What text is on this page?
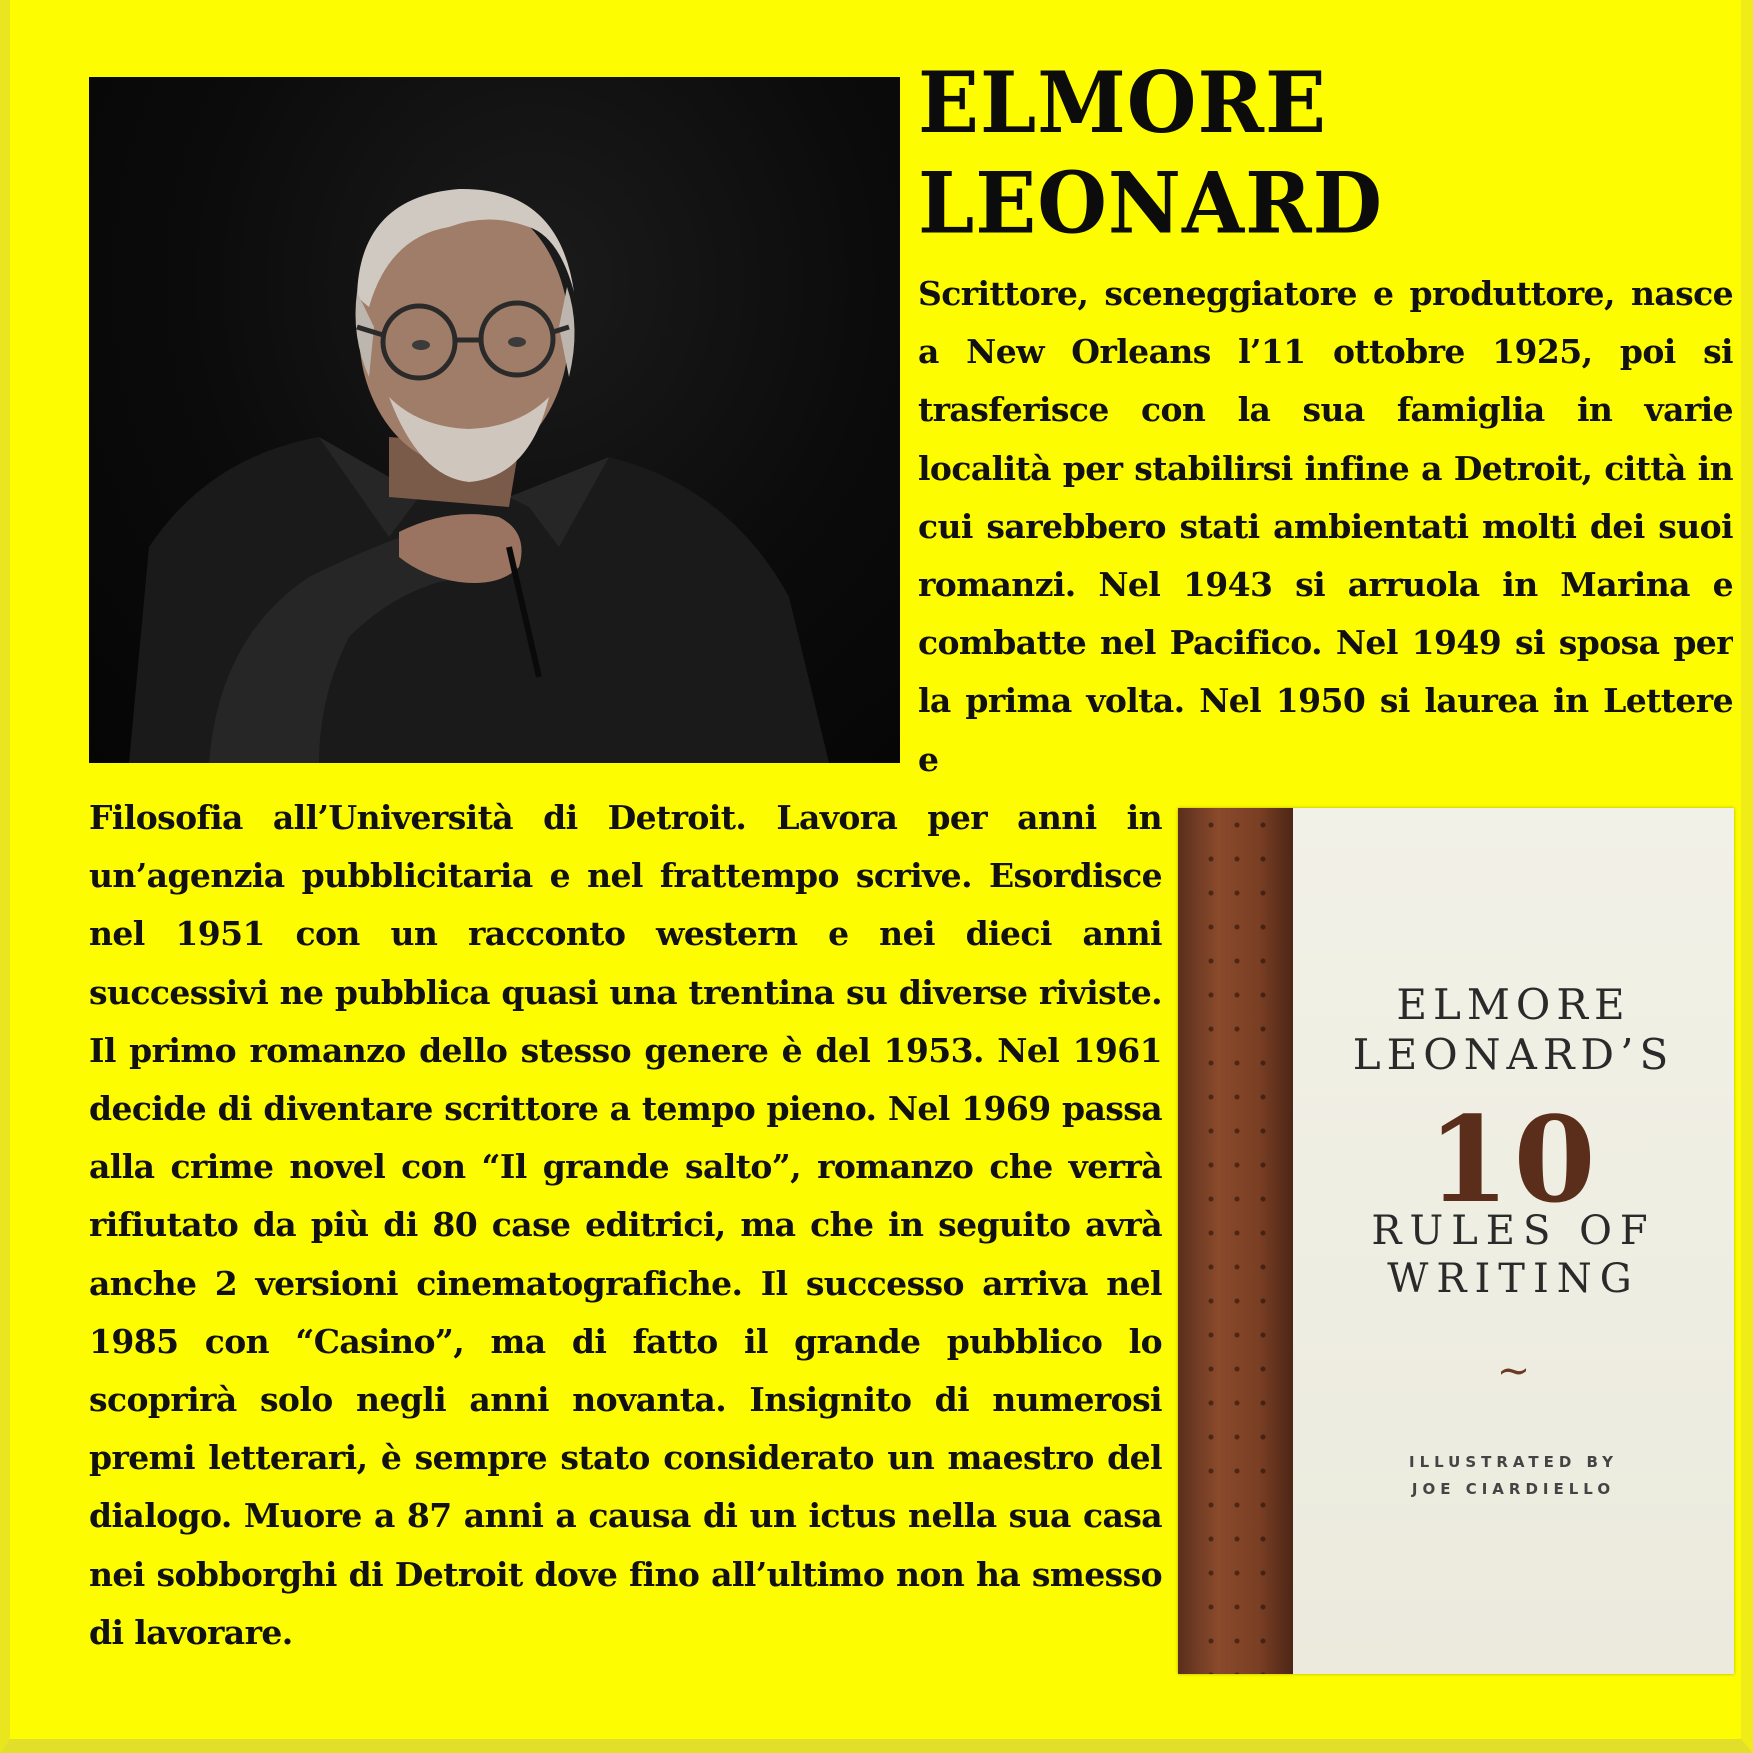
ELMORE
LEONARD

Scrittore, sceneggiatore e produttore, nasce a New Orleans l’11 ottobre 1925, poi si trasferisce con la sua famiglia in varie località per stabilirsi infine a Detroit, città in cui sarebbero stati ambientati molti dei suoi romanzi. Nel 1943 si arruola in Marina e combatte nel Pacifico. Nel 1949 si sposa per la prima volta. Nel 1950 si laurea in Lettere e

Filosofia all’Università di Detroit. Lavora per anni in un’agenzia pubblicitaria e nel frattempo scrive. Esordisce nel 1951 con un racconto western e nei dieci anni successivi ne pubblica quasi una trentina su diverse riviste. Il primo romanzo dello stesso genere è del 1953. Nel 1961 decide di diventare scrittore a tempo pieno. Nel 1969 passa alla crime novel con “Il grande salto”, romanzo che verrà rifiutato da più di 80 case editrici, ma che in seguito avrà anche 2 versioni cinematografiche. Il successo arriva nel 1985 con “Casino”, ma di fatto il grande pubblico lo scoprirà solo negli anni novanta. Insignito di numerosi premi letterari, è sempre stato considerato un maestro del dialogo. Muore a 87 anni a causa di un ictus nella sua casa nei sobborghi di Detroit dove fino all’ultimo non ha smesso di lavorare.

ELMORE
LEONARD’S
10
RULES OF
WRITING
~
ILLUSTRATED BY
JOE CIARDIELLO
